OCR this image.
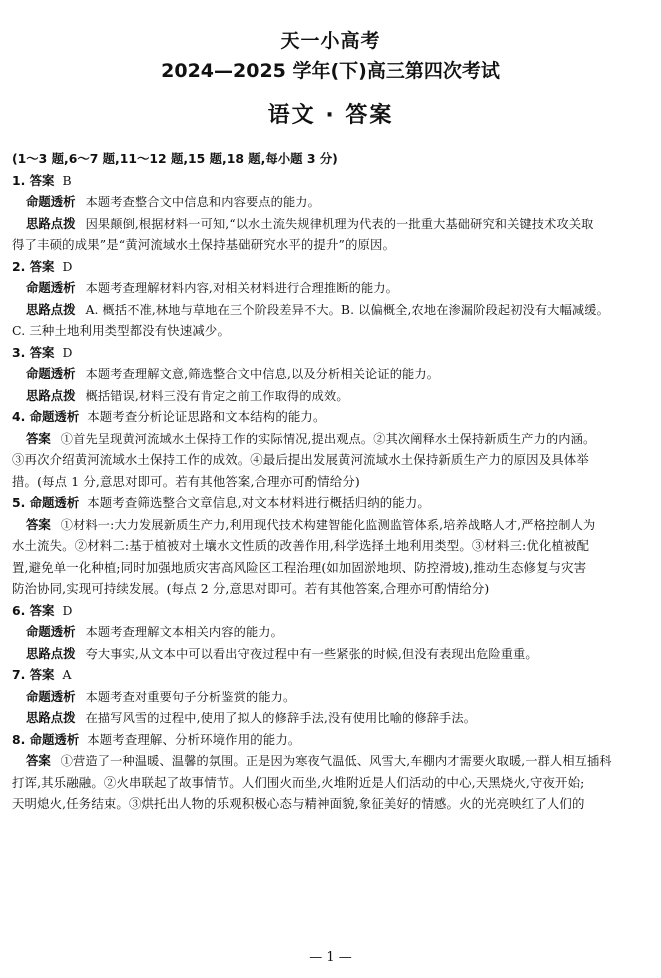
天一小高考
2024—2025 学年(下)高三第四次考试
语文 · 答案
(1～3 题,6～7 题,11～12 题,15 题,18 题,每小题 3 分)
1. 答案 B
命题透析 本题考查整合文中信息和内容要点的能力。
思路点拨 因果颠倒,根据材料一可知,“以水土流失规律机理为代表的一批重大基础研究和关键技术攻关取
得了丰硕的成果”是“黄河流域水土保持基础研究水平的提升”的原因。
2. 答案 D
命题透析 本题考查理解材料内容,对相关材料进行合理推断的能力。
思路点拨 A. 概括不准,林地与草地在三个阶段差异不大。B. 以偏概全,农地在渗漏阶段起初没有大幅减缓。
C. 三种土地利用类型都没有快速减少。
3. 答案 D
命题透析 本题考查理解文意,筛选整合文中信息,以及分析相关论证的能力。
思路点拨 概括错误,材料三没有肯定之前工作取得的成效。
4. 命题透析 本题考查分析论证思路和文本结构的能力。
答案 ①首先呈现黄河流域水土保持工作的实际情况,提出观点。②其次阐释水土保持新质生产力的内涵。
③再次介绍黄河流域水土保持工作的成效。④最后提出发展黄河流域水土保持新质生产力的原因及具体举
措。(每点 1 分,意思对即可。若有其他答案,合理亦可酌情给分)
5. 命题透析 本题考查筛选整合文章信息,对文本材料进行概括归纳的能力。
答案 ①材料一:大力发展新质生产力,利用现代技术构建智能化监测监管体系,培养战略人才,严格控制人为
水土流失。②材料二:基于植被对土壤水文性质的改善作用,科学选择土地利用类型。③材料三:优化植被配
置,避免单一化种植;同时加强地质灾害高风险区工程治理(如加固淤地坝、防控滑坡),推动生态修复与灾害
防治协同,实现可持续发展。(每点 2 分,意思对即可。若有其他答案,合理亦可酌情给分)
6. 答案 D
命题透析 本题考查理解文本相关内容的能力。
思路点拨 夸大事实,从文本中可以看出守夜过程中有一些紧张的时候,但没有表现出危险重重。
7. 答案 A
命题透析 本题考查对重要句子分析鉴赏的能力。
思路点拨 在描写风雪的过程中,使用了拟人的修辞手法,没有使用比喻的修辞手法。
8. 命题透析 本题考查理解、分析环境作用的能力。
答案 ①营造了一种温暖、温馨的氛围。正是因为寒夜气温低、风雪大,车棚内才需要火取暖,一群人相互插科
打诨,其乐融融。②火串联起了故事情节。人们围火而坐,火堆附近是人们活动的中心,天黑烧火,守夜开始;
天明熄火,任务结束。③烘托出人物的乐观积极心态与精神面貌,象征美好的情感。火的光亮映红了人们的
— 1 —
